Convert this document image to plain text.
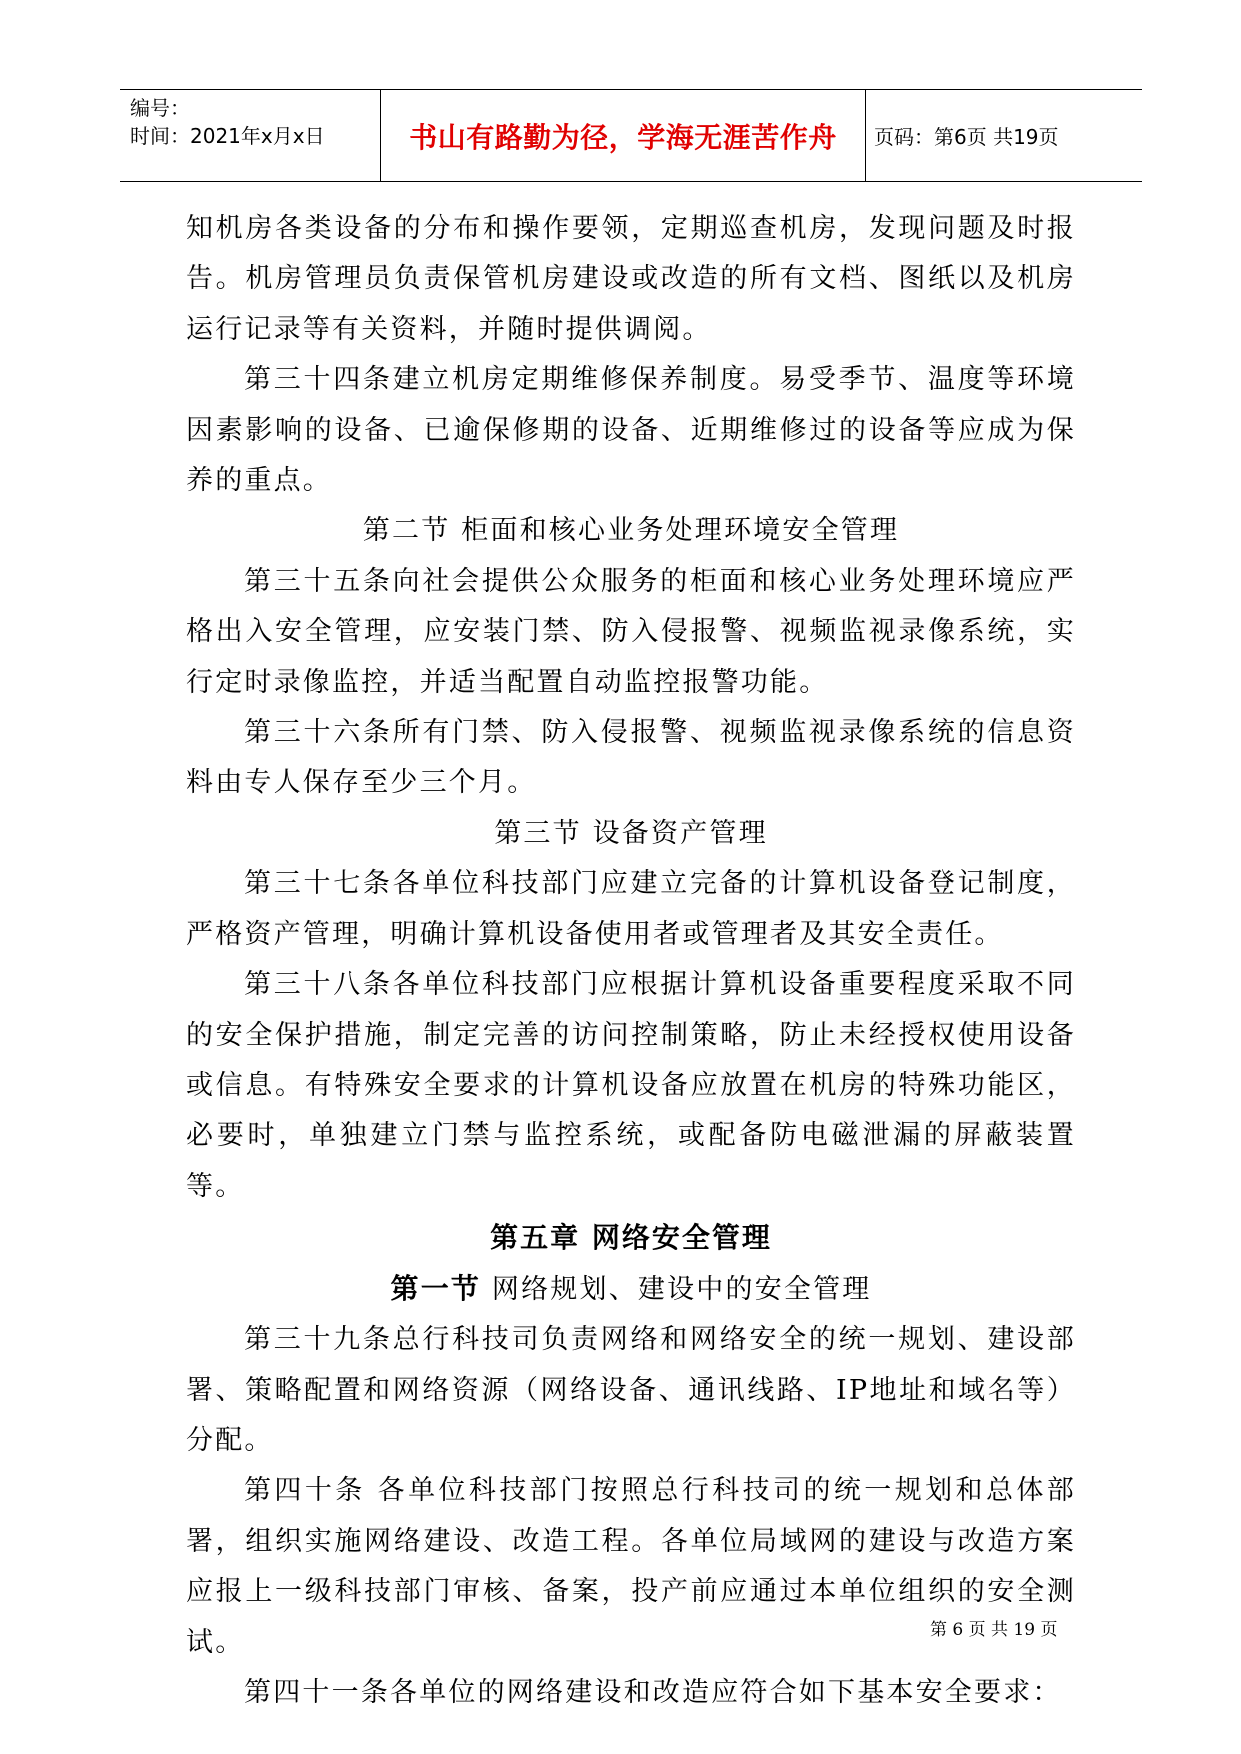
编号：
时间：2021年x月x日	书山有路勤为径，学海无涯苦作舟 页码：第6页 共19页

知机房各类设备的分布和操作要领，定期巡查机房，发现问题及时报告。机房管理员负责保管机房建设或改造的所有文档、图纸以及机房运行记录等有关资料，并随时提供调阅。

第三十四条建立机房定期维修保养制度。易受季节、温度等环境因素影响的设备、已逾保修期的设备、近期维修过的设备等应成为保养的重点。

第二节 柜面和核心业务处理环境安全管理

第三十五条向社会提供公众服务的柜面和核心业务处理环境应严格出入安全管理，应安装门禁、防入侵报警、视频监视录像系统，实行定时录像监控，并适当配置自动监控报警功能。

第三十六条所有门禁、防入侵报警、视频监视录像系统的信息资料由专人保存至少三个月。

第三节 设备资产管理

第三十七条各单位科技部门应建立完备的计算机设备登记制度，严格资产管理，明确计算机设备使用者或管理者及其安全责任。

第三十八条各单位科技部门应根据计算机设备重要程度采取不同的安全保护措施，制定完善的访问控制策略，防止未经授权使用设备或信息。有特殊安全要求的计算机设备应放置在机房的特殊功能区，必要时，单独建立门禁与监控系统，或配备防电磁泄漏的屏蔽装置等。

第五章 网络安全管理

第一节 网络规划、建设中的安全管理

第三十九条总行科技司负责网络和网络安全的统一规划、建设部署、策略配置和网络资源（网络设备、通讯线路、IP地址和域名等）分配。

第四十条 各单位科技部门按照总行科技司的统一规划和总体部署，组织实施网络建设、改造工程。各单位局域网的建设与改造方案应报上一级科技部门审核、备案，投产前应通过本单位组织的安全测试。

第四十一条各单位的网络建设和改造应符合如下基本安全要求：

第 6 页 共 19 页
